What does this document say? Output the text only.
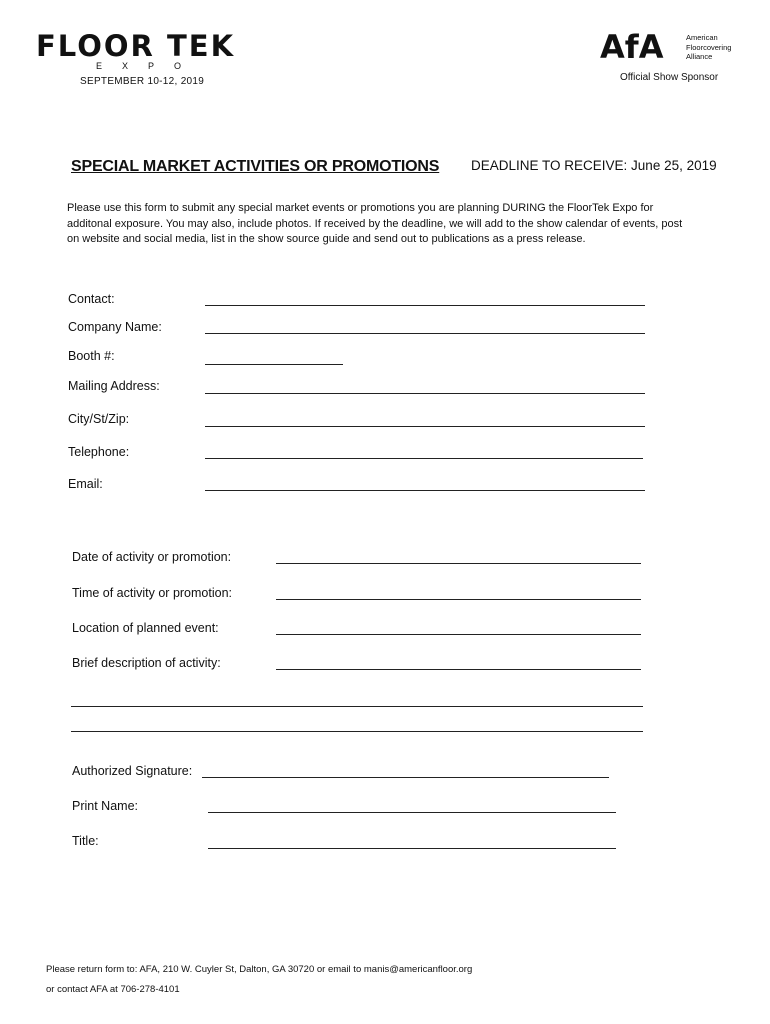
FLOOR TEK
EXPO
SEPTEMBER 10-12, 2019
AfA	American
Floorcovering
Alliance
Official Show Sponsor
SPECIAL MARKET ACTIVITIES OR PROMOTIONS DEADLINE TO RECEIVE: June 25, 2019
Please use this form to submit any special market events or promotions you are planning DURING the FloorTek Expo for additonal exposure. You may also, include photos. If received by the deadline, we will add to the show calendar of events, post on website and social media, list in the show source guide and send out to publications as a press release.
Contact:
Company Name:
Booth #:
Mailing Address:
City/St/Zip:
Telephone:
Email:
Date of activity or promotion:
Time of activity or promotion:
Location of planned event:
Brief description of activity:
Authorized Signature:
Print Name:
Title:
Please return form to: AFA, 210 W. Cuyler St, Dalton, GA 30720 or email to manis@americanfloor.org
or contact AFA at 706-278-4101
